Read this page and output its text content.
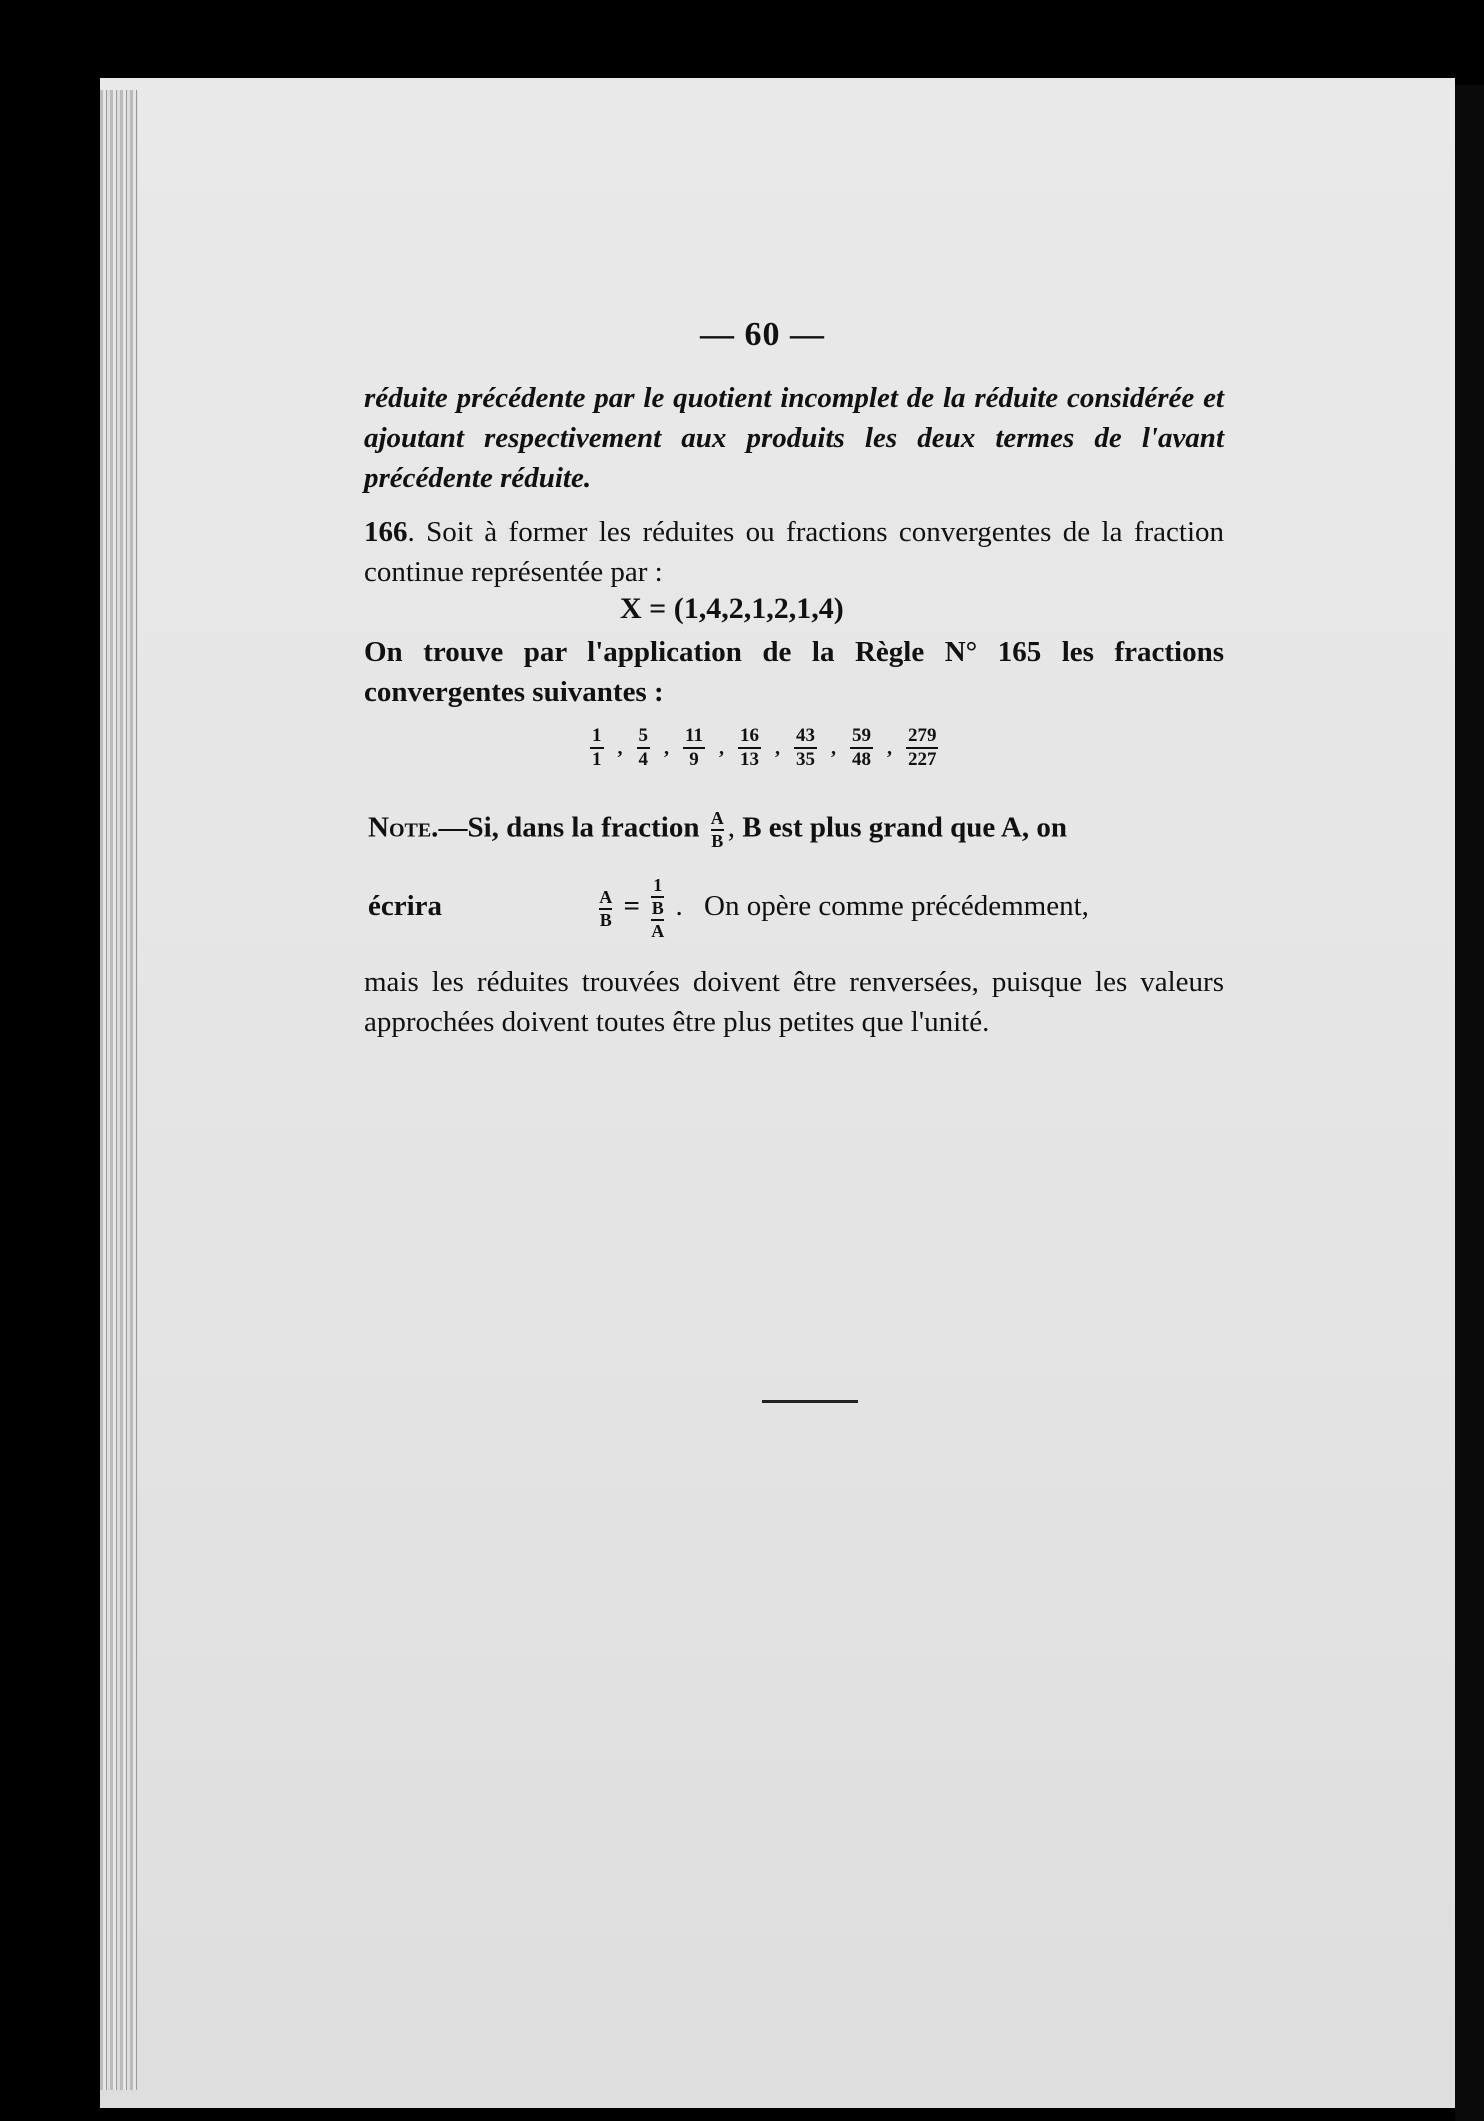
— 60 —
réduite précédente par le quotient incomplet de la réduite considérée et ajoutant respectivement aux produits les deux termes de l'avant précédente réduite.
166. Soit à former les réduites ou fractions convergentes de la fraction continue représentée par :
X = (1,4,2,1,2,1,4)
On trouve par l'application de la Règle N° 165 les fractions convergentes suivantes :
$\frac{1}{1}$ , $\frac{5}{4}$ , $\frac{11}{9}$ , $\frac{16}{13}$ , $\frac{43}{35}$ , $\frac{59}{48}$ , $\frac{279}{227}$
Note.—Si, dans la fraction $\frac{A}{B}$ , B est plus grand que A, on
écrira	$\frac{A}{B}$ =
1
B
A
. On opère comme précédemment,
mais les réduites trouvées doivent être renversées, puisque les valeurs approchées doivent toutes être plus petites que l'unité.
